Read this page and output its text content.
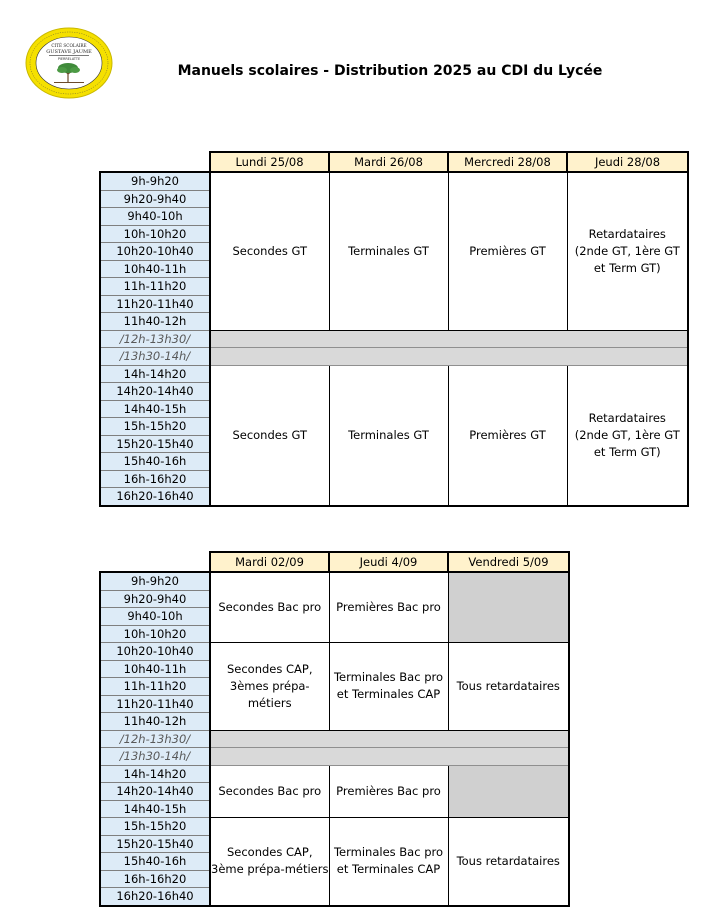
CITÉ SCOLAIRE
GUSTAVE JAUME
PIERRELATTE
Manuels scolaires - Distribution 2025 au CDI du Lycée
	Lundi 25/08	Mardi 26/08	Mercredi 28/08	Jeudi 28/08
9h-9h20	Secondes GT	Terminales GT	Premières GT	Retardataires
(2nde GT, 1ère GT
et Term GT)
9h20-9h40				
9h40-10h				
10h-10h20				
10h20-10h40				
10h40-11h				
11h-11h20				
11h20-11h40				
11h40-12h				
/12h-13h30/				
/13h30-14h/				
14h-14h20	Secondes GT	Terminales GT	Premières GT	Retardataires
(2nde GT, 1ère GT
et Term GT)
14h20-14h40				
14h40-15h				
15h-15h20				
15h20-15h40				
15h40-16h				
16h-16h20				
16h20-16h40				
	Mardi 02/09	Jeudi 4/09	Vendredi 5/09
9h-9h20	Secondes Bac pro	Premières Bac pro	
9h20-9h40			
9h40-10h			
10h-10h20			
10h20-10h40	Secondes CAP,
3èmes prépa-
métiers	Terminales Bac pro
et Terminales CAP	Tous retardataires
10h40-11h			
11h-11h20			
11h20-11h40			
11h40-12h			
/12h-13h30/			
/13h30-14h/			
14h-14h20	Secondes Bac pro	Premières Bac pro	
14h20-14h40			
14h40-15h			
15h-15h20	Secondes CAP,
3ème prépa-métiers	Terminales Bac pro
et Terminales CAP	Tous retardataires
15h20-15h40			
15h40-16h			
16h-16h20			
16h20-16h40			
